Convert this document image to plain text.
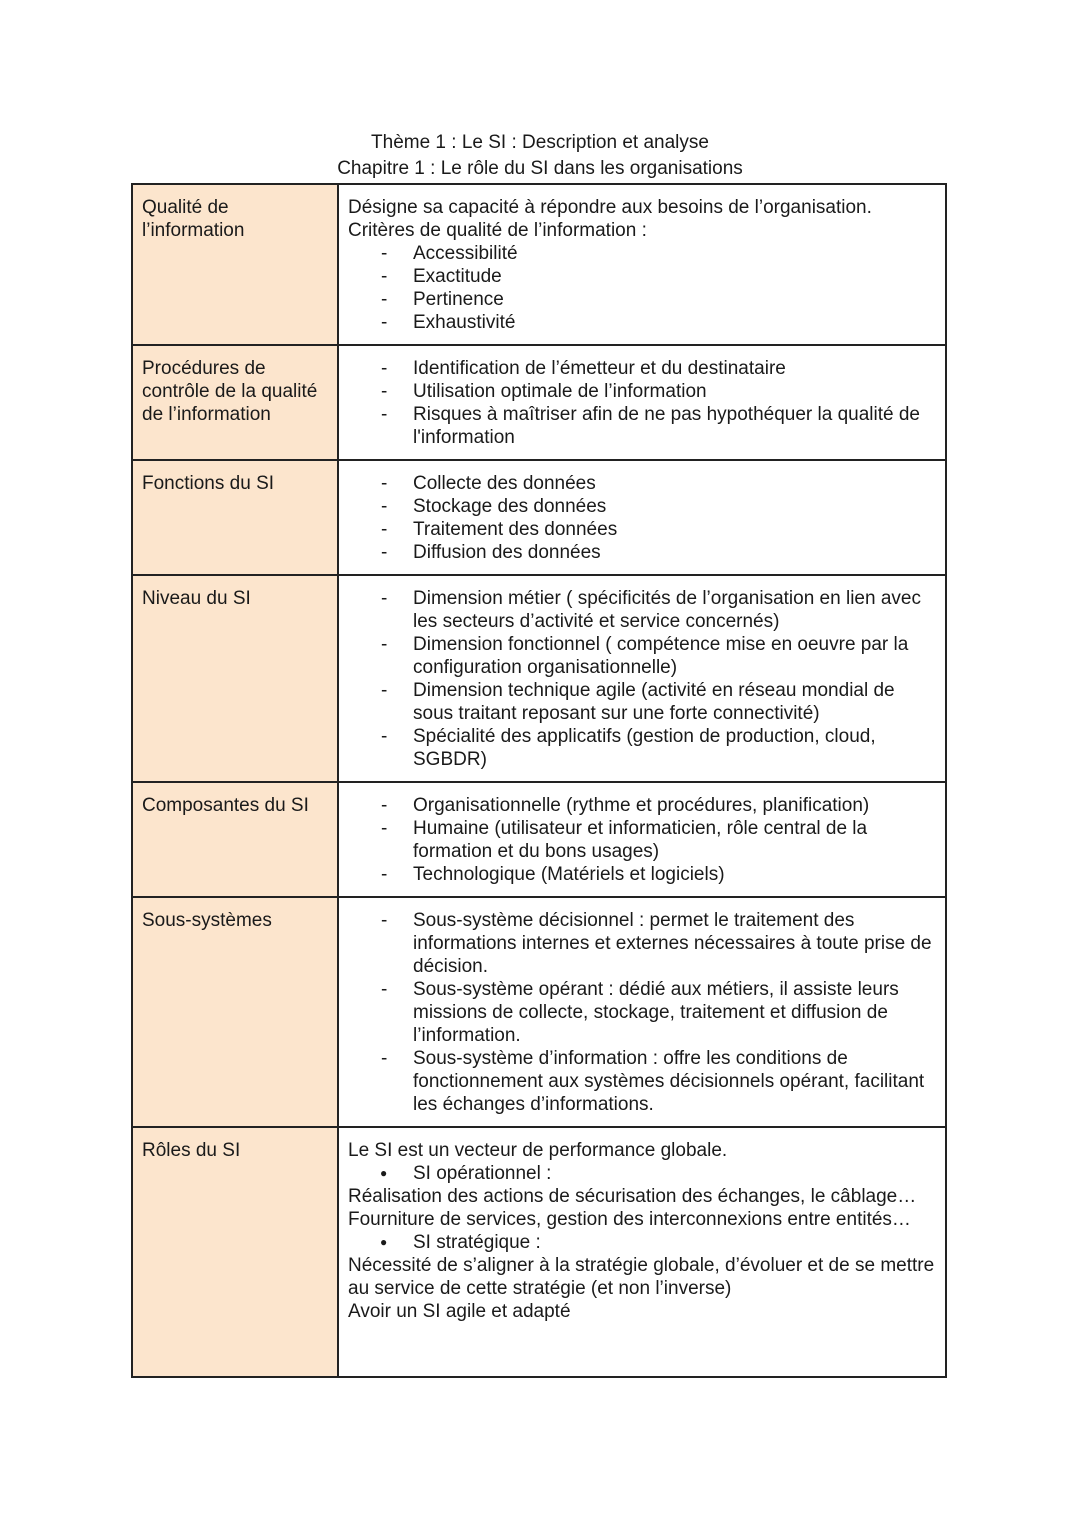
Thème 1 : Le SI : Description et analyse
Chapitre 1 : Le rôle du SI dans les organisations
Qualité de l’information	

Désigne sa capacité à répondre aux besoins de l’organisation.

Critères de qualité de l’information :

- Accessibilité
- Exactitude
- Pertinence
- Exhaustivité

Procédures de contrôle de la qualité de l’information	
- Identification de l’émetteur et du destinataire
- Utilisation optimale de l’information
- Risques à maîtriser afin de ne pas hypothéquer la qualité de l'information

Fonctions du SI	
-Collecte des données
- Stockage des données
- Traitement des données
- Diffusion des données

Niveau du SI	
-Dimension métier ( spécificités de l’organisation en lien avec les secteurs d’activité et service concernés)
- Dimension fonctionnel ( compétence mise en oeuvre par la configuration organisationnelle)
- Dimension technique agile (activité en réseau mondial de sous traitant reposant sur une forte connectivité)
- Spécialité des applicatifs (gestion de production, cloud, SGBDR)

Composantes du SI	
-Organisationnelle (rythme et procédures, planification)
- Humaine (utilisateur et informaticien, rôle central de la formation et du bons usages)
- Technologique (Matériels et logiciels)

Sous-systèmes	
-Sous-système décisionnel : permet le traitement des informations internes et externes nécessaires à toute prise de décision.
- Sous-système opérant : dédié aux métiers, il assiste leurs missions de collecte, stockage, traitement et diffusion de l’information.
- Sous-système d’information : offre les conditions de fonctionnement aux systèmes décisionnels opérant, facilitant les échanges d’informations.

Rôles du SI	Le SI est un vecteur de performance globale.

● SI opérationnel :

Réalisation des actions de sécurisation des échanges, le câblage…

Fourniture de services, gestion des interconnexions entre entités…

● SI stratégique :

Nécessité de s’aligner à la stratégie globale, d’évoluer et de se mettre au service de cette stratégie (et non l’inverse)

Avoir un SI agile et adapté
